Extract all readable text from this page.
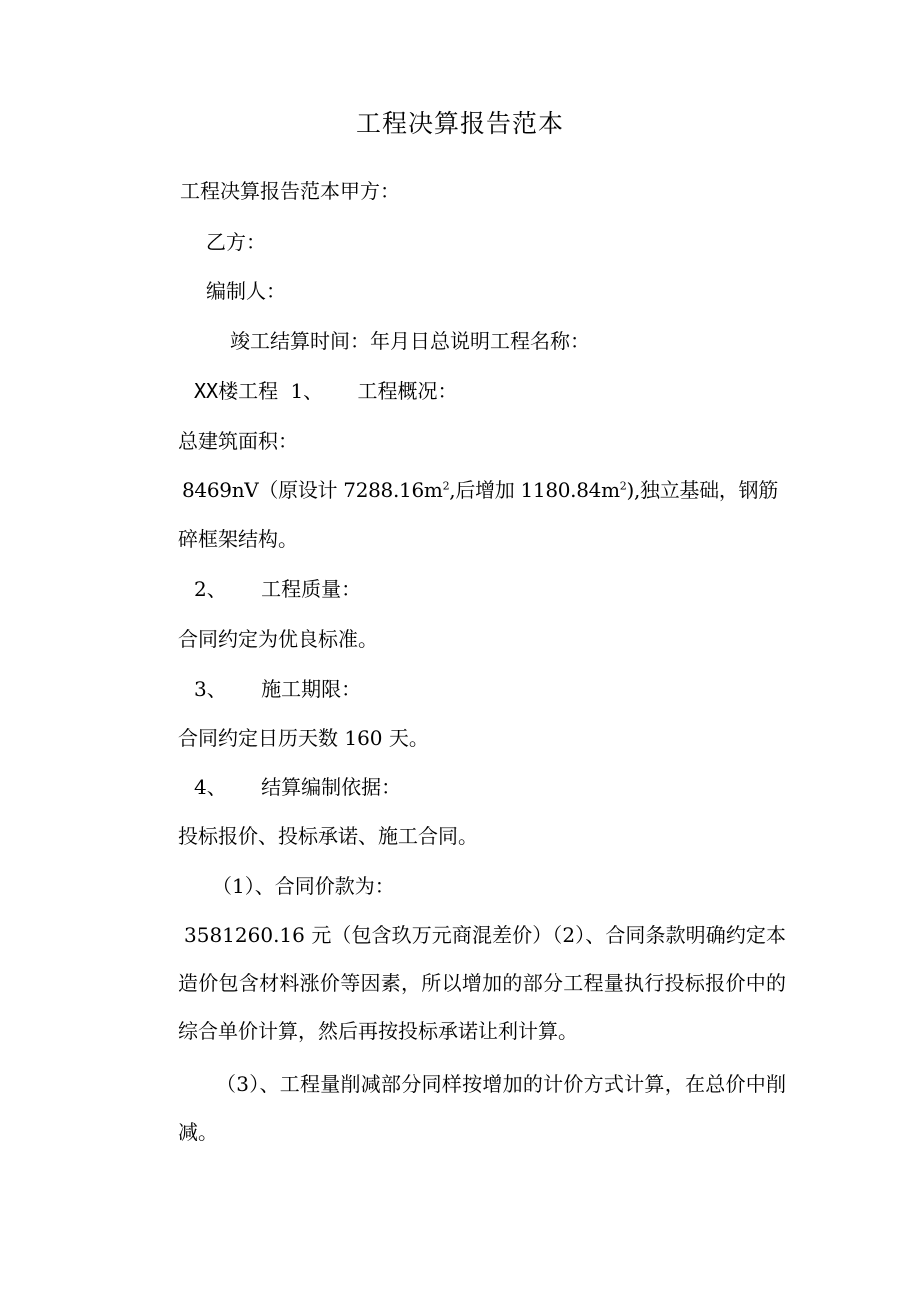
工程决算报告范本
工程决算报告范本甲方：
乙方：
编制人：
竣工结算时间：年月日总说明工程名称：
XX楼工程 1、 工程概况：
总建筑面积：
8469nV（原设计 $7288.16m^2$,后增加 $1180.84m^2$),独立基础，钢筋
碎框架结构。
2、 工程质量：
合同约定为优良标准。
3、 施工期限：
合同约定日历天数 160 天。
4、 结算编制依据：
投标报价、投标承诺、施工合同。
（1）、合同价款为：
3581260.16 元（包含玖万元商混差价）（2）、合同条款明确约定本造价包含材料涨价等因素，所以增加的部分工程量执行投标报价中的综合单价计算，然后再按投标承诺让利计算。
（3）、工程量削减部分同样按增加的计价方式计算，在总价中削减。
